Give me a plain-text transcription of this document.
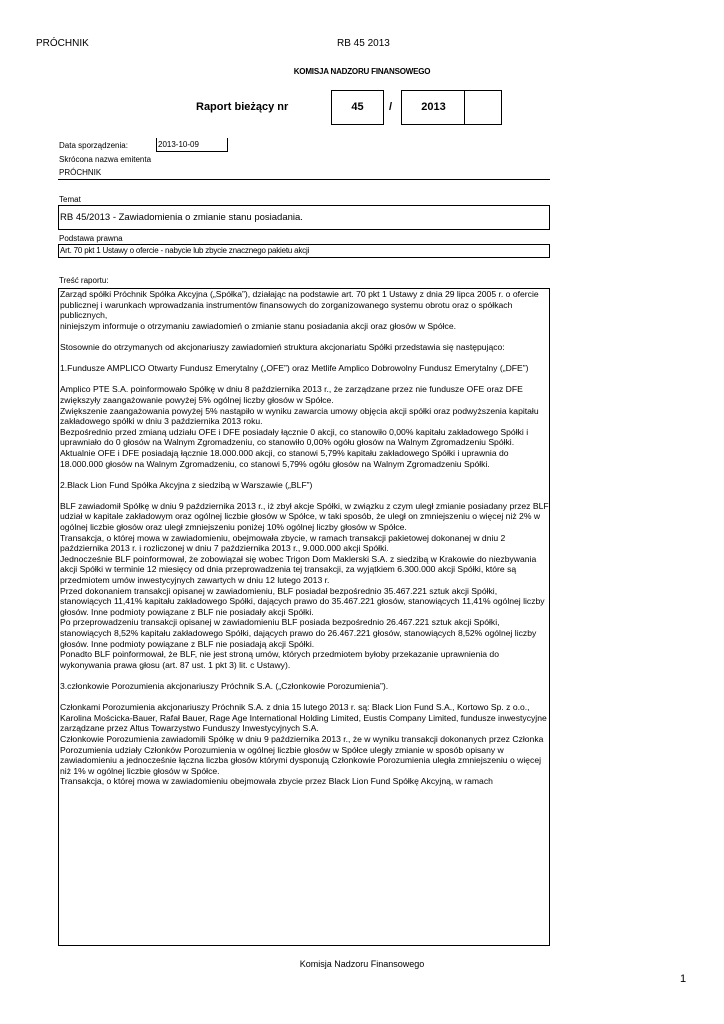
PRÓCHNIK	RB 45 2013
KOMISJA NADZORU FINANSOWEGO
Raport bieżący nr	45	/	2013
Data sporządzenia:	2013-10-09
Skrócona nazwa emitenta
PRÓCHNIK
Temat
RB 45/2013 - Zawiadomienia o zmianie stanu posiadania.
Podstawa prawna
Art. 70 pkt 1 Ustawy o ofercie - nabycie lub zbycie znacznego pakietu akcji
Treść raportu:

Zarząd spółki Próchnik Spółka Akcyjna („Spółka”), działając na podstawie art. 70 pkt 1 Ustawy z dnia 29 lipca 2005 r. o ofercie publicznej i warunkach wprowadzania instrumentów finansowych do zorganizowanego systemu obrotu oraz o spółkach publicznych,

niniejszym informuje o otrzymaniu zawiadomień o zmianie stanu posiadania akcji oraz głosów w Spółce.

Stosownie do otrzymanych od akcjonariuszy zawiadomień struktura akcjonariatu Spółki przedstawia się następująco:

1.Fundusze AMPLICO Otwarty Fundusz Emerytalny („OFE”) oraz Metlife Amplico Dobrowolny Fundusz Emerytalny („DFE”)

Amplico PTE S.A. poinformowało Spółkę w dniu 8 października 2013 r., że zarządzane przez nie fundusze OFE oraz DFE zwiększyły zaangażowanie powyżej 5% ogólnej liczby głosów w Spółce.

Zwiększenie zaangażowania powyżej 5% nastąpiło w wyniku zawarcia umowy objęcia akcji spółki oraz podwyższenia kapitału zakładowego spółki w dniu 3 października 2013 roku.

Bezpośrednio przed zmianą udziału OFE i DFE posiadały łącznie 0 akcji, co stanowiło 0,00% kapitału zakładowego Spółki i uprawniało do 0 głosów na Walnym Zgromadzeniu, co stanowiło 0,00% ogółu głosów na Walnym Zgromadzeniu Spółki.

Aktualnie OFE i DFE posiadają łącznie 18.000.000 akcji, co stanowi 5,79% kapitału zakładowego Spółki i uprawnia do 18.000.000 głosów na Walnym Zgromadzeniu, co stanowi 5,79% ogółu głosów na Walnym Zgromadzeniu Spółki.

2.Black Lion Fund Spółka Akcyjna z siedzibą w Warszawie („BLF”)

BLF zawiadomił Spółkę w dniu 9 października 2013 r., iż zbył akcje Spółki, w związku z czym uległ zmianie posiadany przez BLF udział w kapitale zakładowym oraz ogólnej liczbie głosów w Spółce, w taki sposób, że uległ on zmniejszeniu o więcej niż 2% w ogólnej liczbie głosów oraz uległ zmniejszeniu poniżej 10% ogólnej liczby głosów w Spółce.

Transakcja, o której mowa w zawiadomieniu, obejmowała zbycie, w ramach transakcji pakietowej dokonanej w dniu 2 października 2013 r. i rozliczonej w dniu 7 października 2013 r., 9.000.000 akcji Spółki.

Jednocześnie BLF poinformował, że zobowiązał się wobec Trigon Dom Maklerski S.A. z siedzibą w Krakowie do niezbywania akcji Spółki w terminie 12 miesięcy od dnia przeprowadzenia tej transakcji, za wyjątkiem 6.300.000 akcji Spółki, które są przedmiotem umów inwestycyjnych zawartych w dniu 12 lutego 2013 r.

Przed dokonaniem transakcji opisanej w zawiadomieniu, BLF posiadał bezpośrednio 35.467.221 sztuk akcji Spółki, stanowiących 11,41% kapitału zakładowego Spółki, dających prawo do 35.467.221 głosów, stanowiących 11,41% ogólnej liczby głosów. Inne podmioty powiązane z BLF nie posiadały akcji Spółki.

Po przeprowadzeniu transakcji opisanej w zawiadomieniu BLF posiada bezpośrednio 26.467.221 sztuk akcji Spółki, stanowiących 8,52% kapitału zakładowego Spółki, dających prawo do 26.467.221 głosów, stanowiących 8,52% ogólnej liczby głosów. Inne podmioty powiązane z BLF nie posiadają akcji Spółki.

Ponadto BLF poinformował, że BLF, nie jest stroną umów, których przedmiotem byłoby przekazanie uprawnienia do wykonywania prawa głosu (art. 87 ust. 1 pkt 3) lit. c Ustawy).

3.członkowie Porozumienia akcjonariuszy Próchnik S.A. („Członkowie Porozumienia”).

Członkami Porozumienia akcjonariuszy Próchnik S.A. z dnia 15 lutego 2013 r. są: Black Lion Fund S.A., Kortowo Sp. z o.o., Karolina Mościcka-Bauer, Rafał Bauer, Rage Age International Holding Limited, Eustis Company Limited, fundusze inwestycyjne zarządzane przez Altus Towarzystwo Funduszy Inwestycyjnych S.A.

Członkowie Porozumienia zawiadomili Spółkę w dniu 9 października 2013 r., że w wyniku transakcji dokonanych przez Członka Porozumienia udziały Członków Porozumienia w ogólnej liczbie głosów w Spółce uległy zmianie w sposób opisany w zawiadomieniu a jednocześnie łączna liczba głosów którymi dysponują Członkowie Porozumienia uległa zmniejszeniu o więcej niż 1% w ogólnej liczbie głosów w Spółce.

Transakcja, o której mowa w zawiadomieniu obejmowała zbycie przez Black Lion Fund Spółkę Akcyjną, w ramach

Komisja Nadzoru Finansowego
1
